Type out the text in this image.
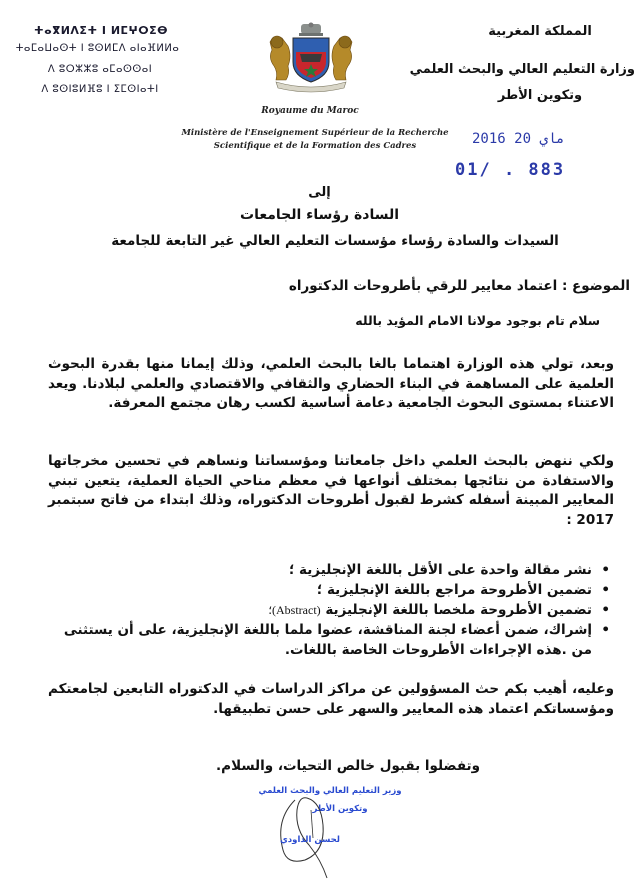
ⵜⴰⴳⵍⴷⵉⵜ ⵏ ⵍⵎⵖⵔⵉⴱ
ⵜⴰⵎⴰⵡⴰⵙⵜ ⵏ ⵓⵙⵍⵎⴷ ⴰⵏⴰⴼⵍⵍⴰ
ⴷ ⵓⵔⵣⵣⵓ ⴰⵎⴰⵙⵙⴰⵏ
ⴷ ⵓⵙⵏⵓⵍⴼⵓ ⵏ ⵉⵎⵙⵏⴰⵜⵏ
المملكة المغربية
وزارة التعليم العالي والبحث العلمي
وتكوين الأطر
Royaume du Maroc
Ministère de l'Enseignement Supérieur de la Recherche
Scientifique et de la Formation des Cadres	2016 ماي 20
01/ . 883
إلى
السادة رؤساء الجامعات
السيدات والسادة رؤساء مؤسسات التعليم العالي غير التابعة للجامعة
الموضوع : اعتماد معايير للرقي بأطروحات الدكتوراه
سلام تام بوجود مولانا الامام المؤيد بالله
وبعد، تولي هذه الوزارة اهتماما بالغا بالبحث العلمي، وذلك إيمانا منها بقدرة البحوث العلمية على المساهمة في البناء الحضاري والثقافي والاقتصادي والعلمي لبلادنا. ويعد الاعتناء بمستوى البحوث الجامعية دعامة أساسية لكسب رهان مجتمع المعرفة.
ولكي ننهض بالبحث العلمي داخل جامعاتنا ومؤسساتنا ونساهم في تحسين مخرجاتها والاستفادة من نتائجها بمختلف أنواعها في معظم مناحي الحياة العملية، يتعين تبني المعايير المبينة أسفله كشرط لقبول أطروحات الدكتوراه، وذلك ابتداء من فاتح سبتمبر 2017 :
•
نشر مقالة واحدة على الأقل باللغة الإنجليزية ؛
•
تضمين الأطروحة مراجع باللغة الإنجليزية ؛
•
تضمين الأطروحة ملخصا باللغة الإنجليزية (Abstract)؛
•
إشراك، ضمن أعضاء لجنة المناقشة، عضوا ملما باللغة الإنجليزية، على أن يستثنى من .هذه الإجراءات الأطروحات الخاصة باللغات.
وعليه، أهيب بكم حث المسؤولين عن مراكز الدراسات في الدكتوراه التابعين لجامعتكم ومؤسساتكم اعتماد هذه المعايير والسهر على حسن تطبيقها.
وتفضلوا بقبول خالص التحيات، والسلام.
وزير التعليم العالي والبحث العلمي
وتكوين الأطر
لحسن الداودي
